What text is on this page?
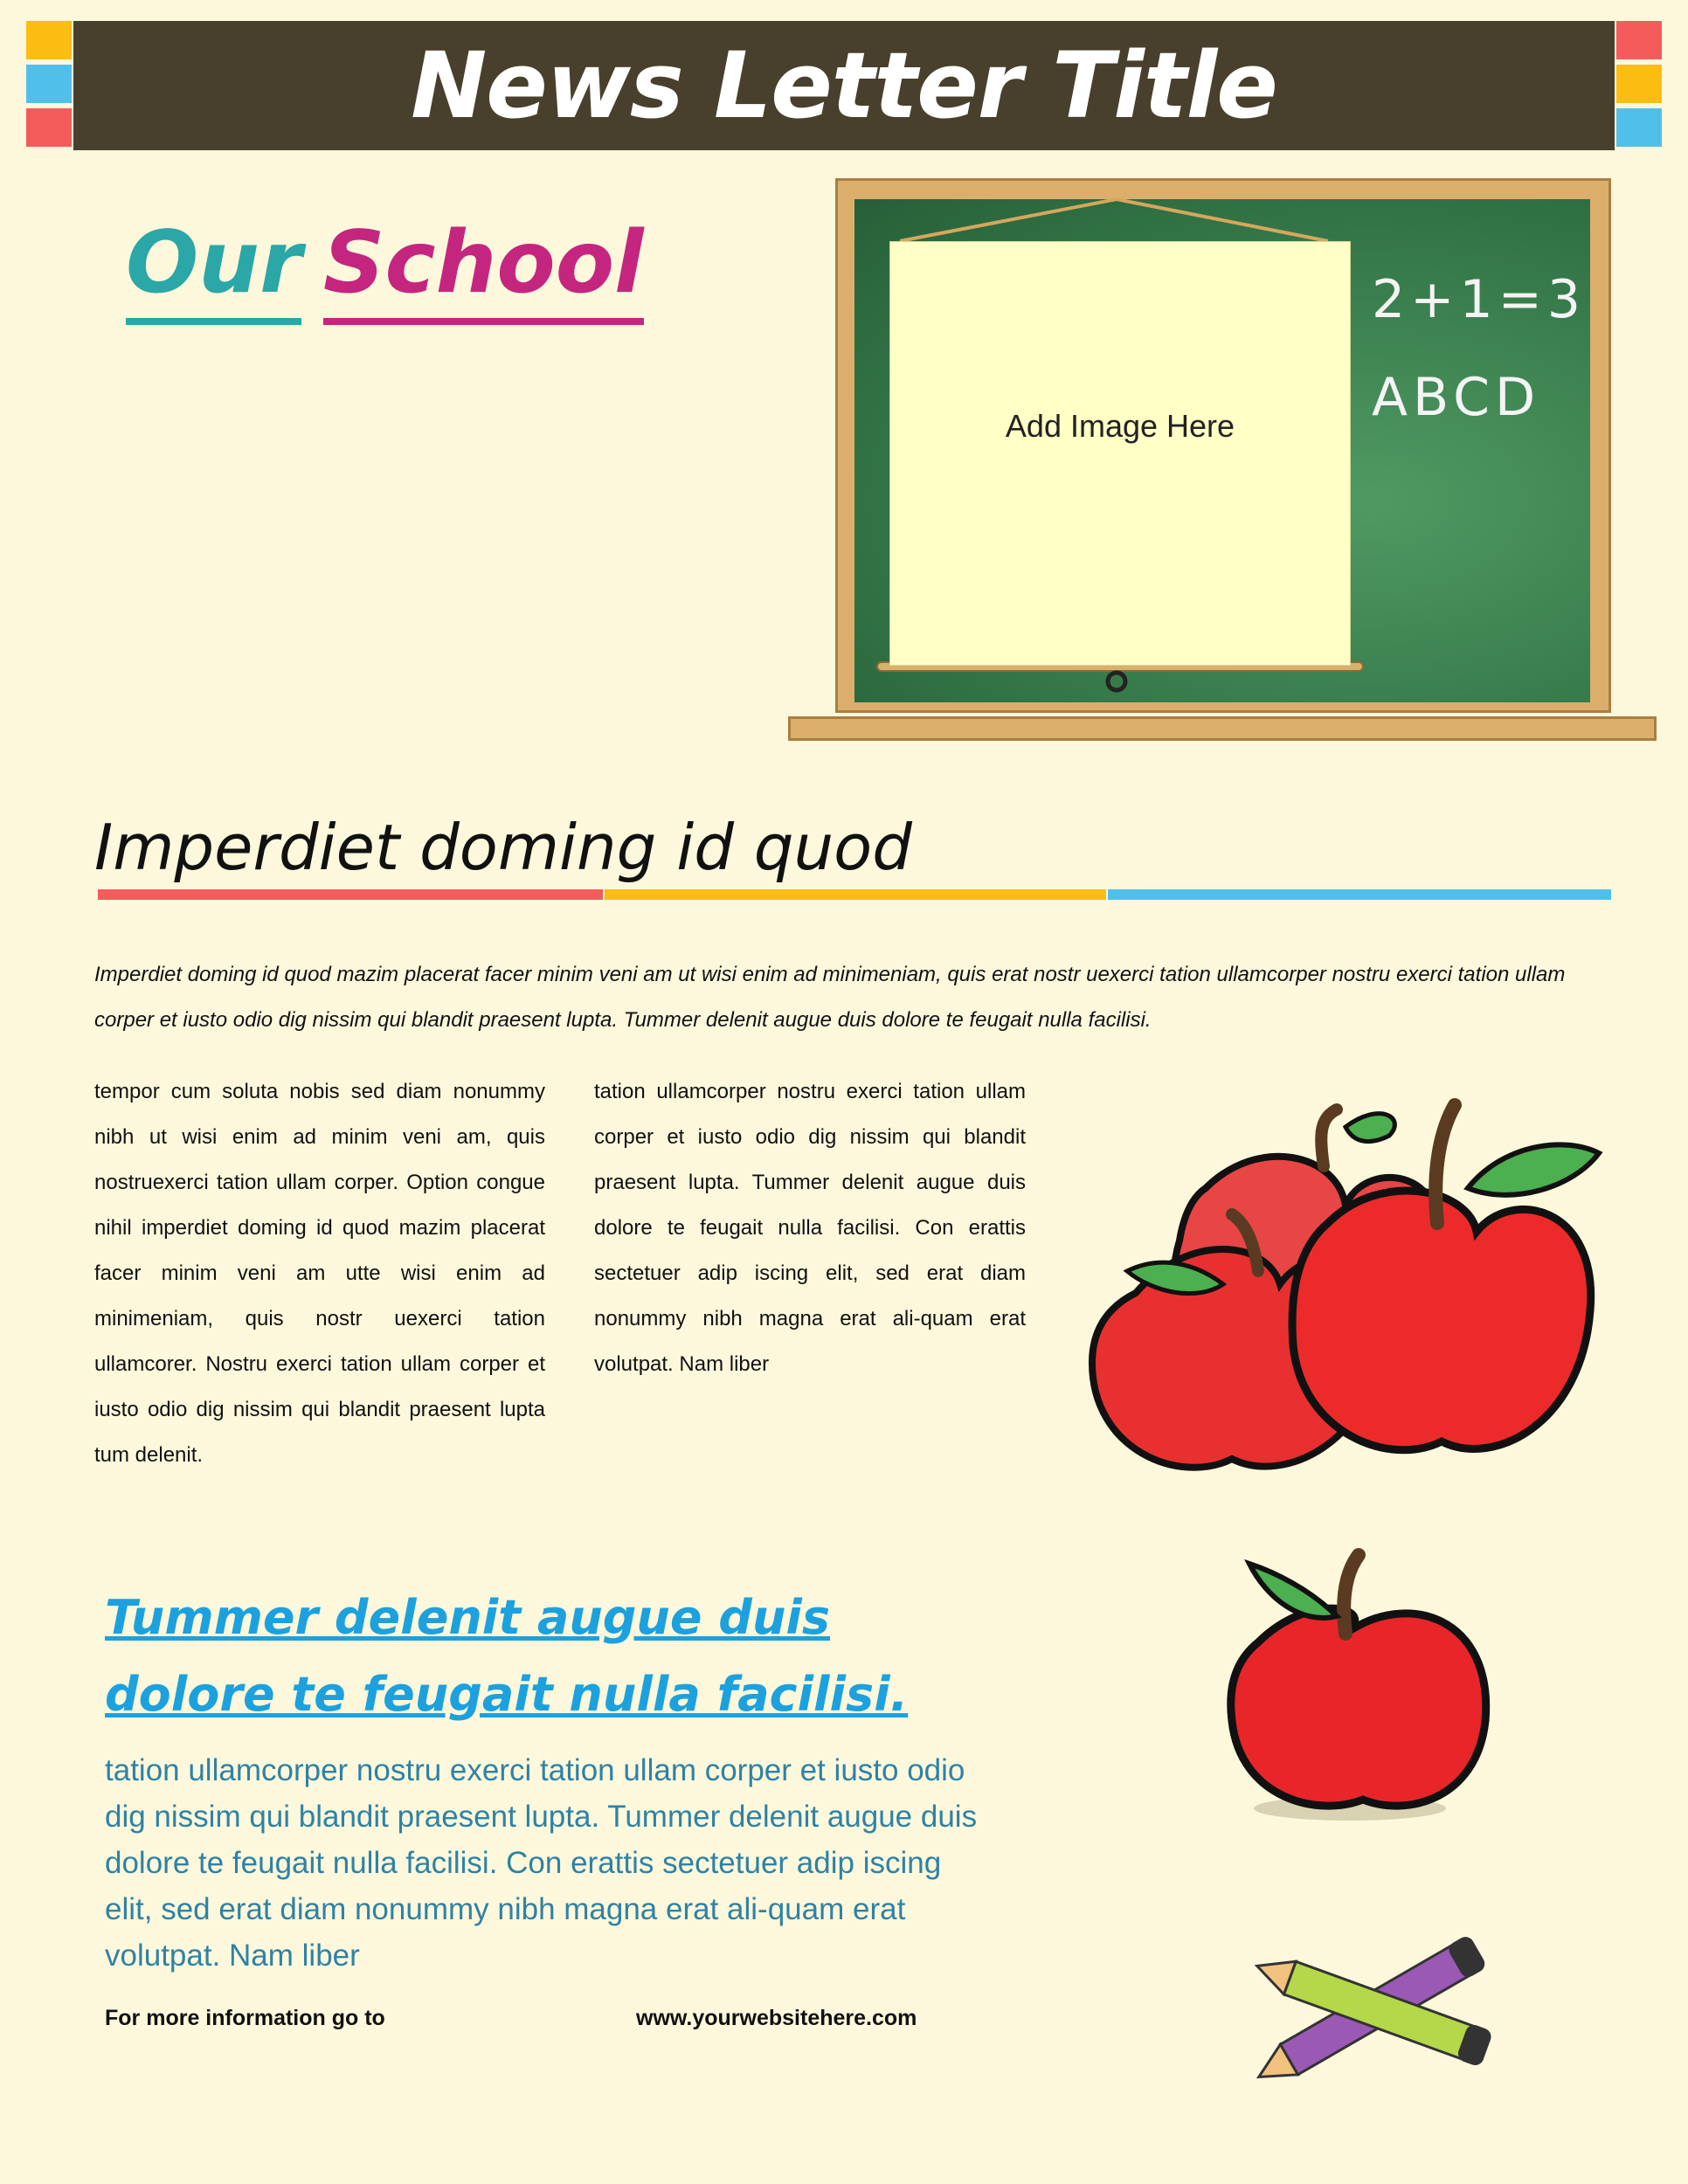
News Letter Title
Our School
Add Image Here
2+1=3
ABCD
Imperdiet doming id quod
Imperdiet doming id quod mazim placerat facer minim veni am ut wisi enim ad minimeniam, quis erat nostr uexerci tation ullamcorper nostru exerci tation ullam corper et iusto odio dig nissim qui blandit praesent lupta. Tummer delenit augue duis dolore te feugait nulla facilisi.
tempor cum soluta nobis sed diam nonummy nibh ut wisi enim ad minim veni am, quis nostruexerci tation ullam corper. Option congue nihil imperdiet doming id quod mazim placerat facer minim veni am utte wisi enim ad minimeniam, quis nostr uexerci tation ullamcorer. Nostru exerci tation ullam corper et iusto odio dig nissim qui blandit praesent lupta tum delenit.
tation ullamcorper nostru exerci tation ullam corper et iusto odio dig nissim qui blandit praesent lupta. Tummer delenit augue duis dolore te feugait nulla facilisi. Con erattis sectetuer adip iscing elit, sed erat diam nonummy nibh magna erat ali-quam erat volutpat. Nam liber
Tummer delenit augue duis dolore te feugait nulla facilisi.
tation ullamcorper nostru exerci tation ullam corper et iusto odio dig nissim qui blandit praesent lupta. Tummer delenit augue duis dolore te feugait nulla facilisi. Con erattis sectetuer adip iscing elit, sed erat diam nonummy nibh magna erat ali-quam erat volutpat. Nam liber
For more information go to	www.yourwebsitehere.com
